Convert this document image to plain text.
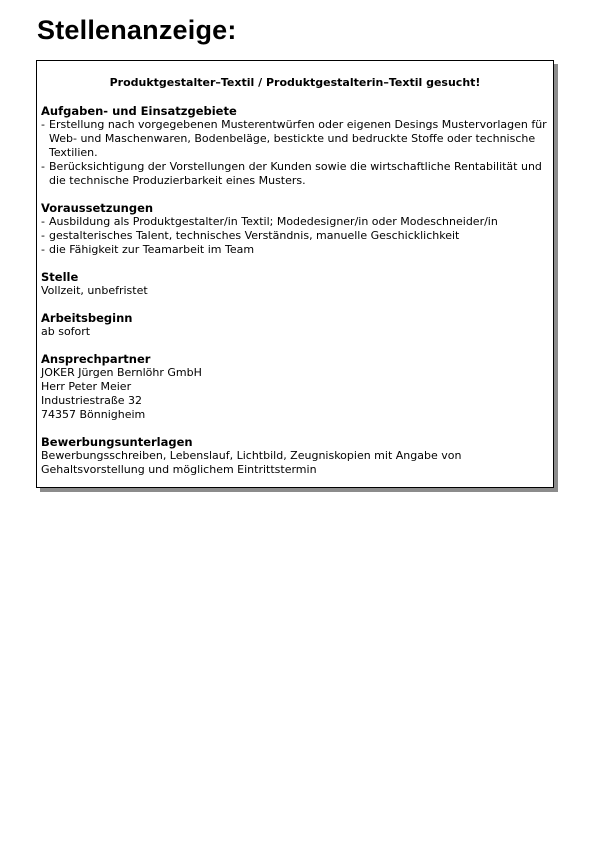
Stellenanzeige:
Produktgestalter–Textil / Produktgestalterin–Textil gesucht!
Aufgaben- und Einsatzgebiete
- Erstellung nach vorgegebenen Musterentwürfen oder eigenen Desings Mustervorlagen für Web- und Maschenwaren, Bodenbeläge, bestickte und bedruckte Stoffe oder technische Textilien.
- Berücksichtigung der Vorstellungen der Kunden sowie die wirtschaftliche Rentabilität und die technische Produzierbarkeit eines Musters.
Voraussetzungen
- Ausbildung als Produktgestalter/in Textil; Modedesigner/in oder Modeschneider/in
- gestalterisches Talent, technisches Verständnis, manuelle Geschicklichkeit
- die Fähigkeit zur Teamarbeit im Team
Stelle
Vollzeit, unbefristet
Arbeitsbeginn
ab sofort
Ansprechpartner
JOKER Jürgen Bernlöhr GmbH
Herr Peter Meier
Industriestraße 32
74357 Bönnigheim
Bewerbungsunterlagen
Bewerbungsschreiben, Lebenslauf, Lichtbild, Zeugniskopien mit Angabe von Gehaltsvorstellung und möglichem Eintrittstermin
